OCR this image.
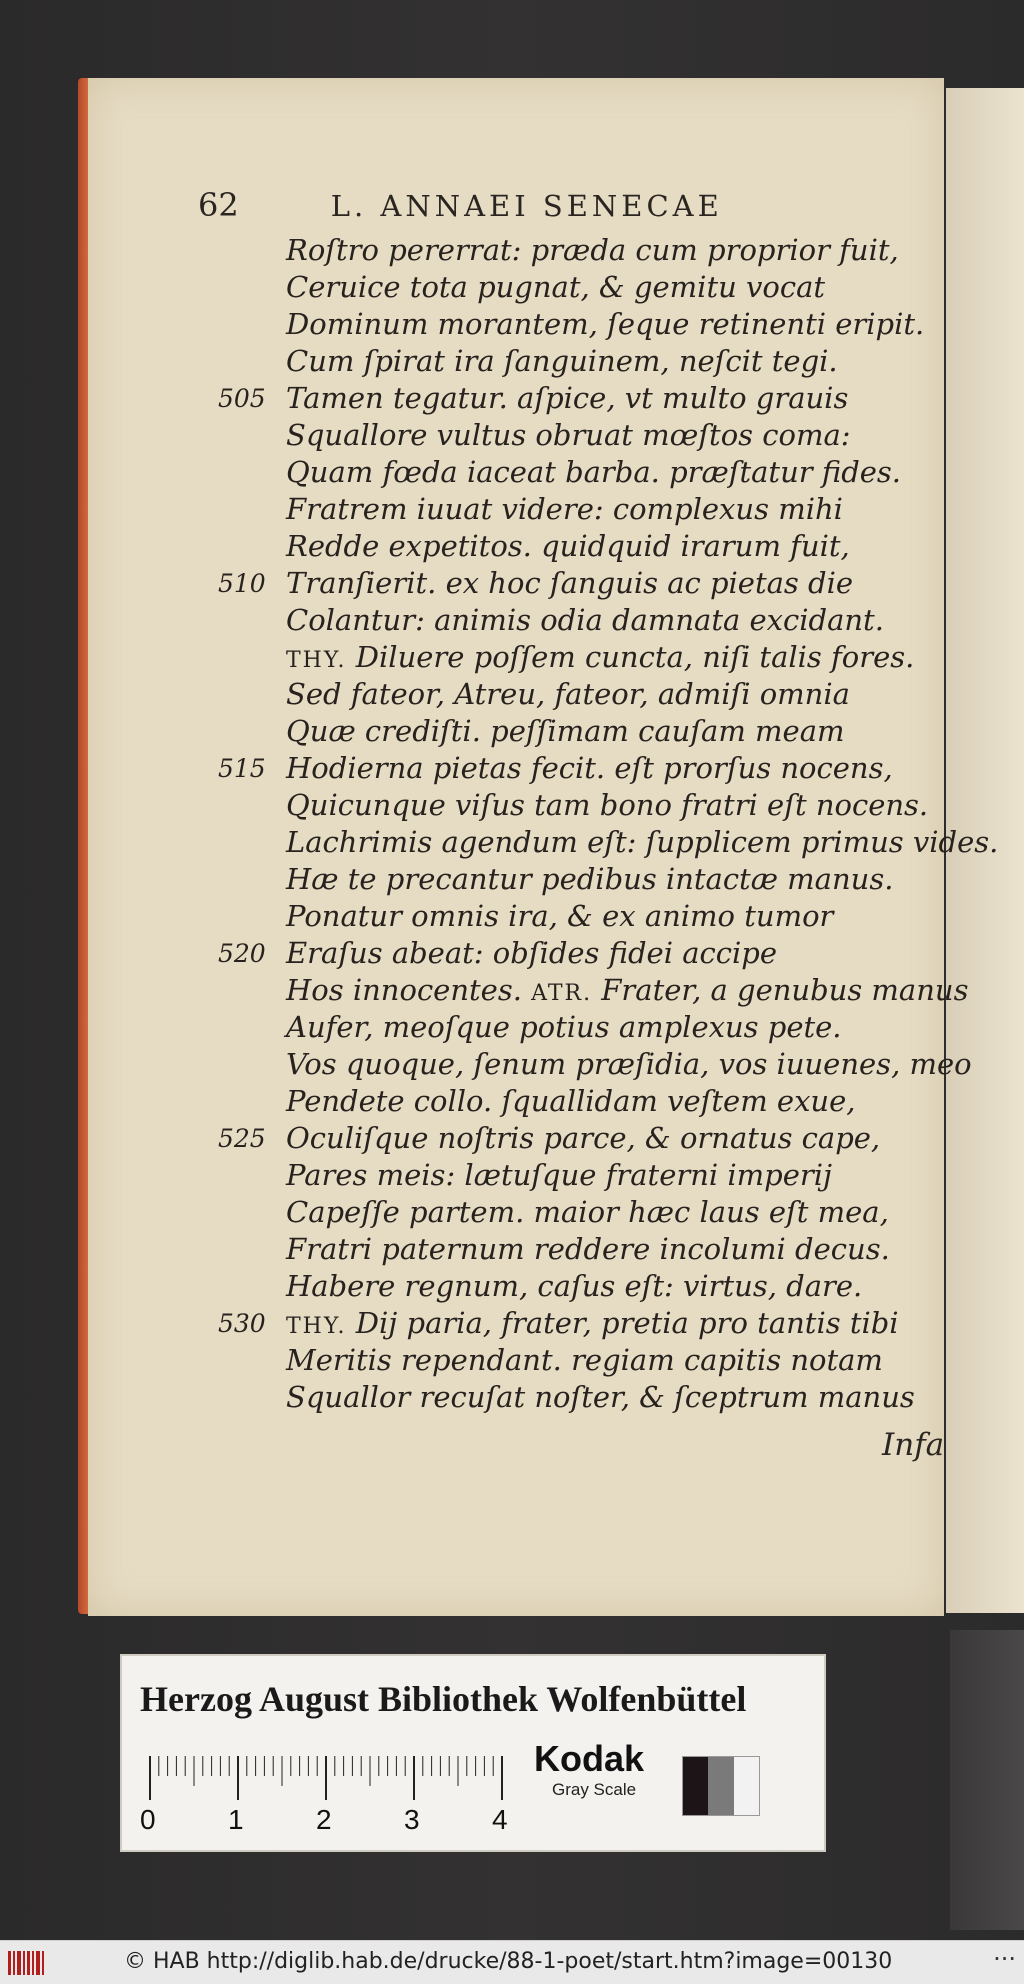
62	L. ANNAEI SENECAE
Roſtro pererrat: præda cum proprior fuit,
Ceruice tota pugnat, & gemitu vocat
Dominum morantem, ſeque retinenti eripit.
Cum ſpirat ira ſanguinem, neſcit tegi.
505 Tamen tegatur. aſpice, vt multo grauis
Squallore vultus obruat mœſtos coma:
Quam fœda iaceat barba. præſtatur fides.
Fratrem iuuat videre: complexus mihi
Redde expetitos. quidquid irarum fuit,
510 Tranſierit. ex hoc ſanguis ac pietas die
Colantur: animis odia damnata excidant.
THY. Diluere poſſem cuncta, niſi talis fores.
Sed fateor, Atreu, fateor, admiſi omnia
Quæ crediſti. peſſimam cauſam meam
515 Hodierna pietas fecit. eſt prorſus nocens,
Quicunque viſus tam bono fratri eſt nocens.
Lachrimis agendum eſt: ſupplicem primus vides.
Hæ te precantur pedibus intactæ manus.
Ponatur omnis ira, & ex animo tumor
520 Eraſus abeat: obſides fidei accipe
Hos innocentes. ATR. Frater, a genubus manus
Aufer, meoſque potius amplexus pete.
Vos quoque, ſenum præſidia, vos iuuenes, meo
Pendete collo. ſquallidam veſtem exue,
525 Oculiſque noſtris parce, & ornatus cape,
Pares meis: lætuſque fraterni imperij
Capeſſe partem. maior hæc laus eſt mea,
Fratri paternum reddere incolumi decus.
Habere regnum, caſus eſt: virtus, dare.
530 THY. Dij paria, frater, pretia pro tantis tibi
Meritis rependant. regiam capitis notam
Squallor recuſat noſter, & ſceptrum manus
Infa
Herzog August Bibliothek Wolfenbüttel
0	1	2	3	4
Kodak
Gray Scale
© HAB http://diglib.hab.de/drucke/88-1-poet/start.htm?image=00130	···
